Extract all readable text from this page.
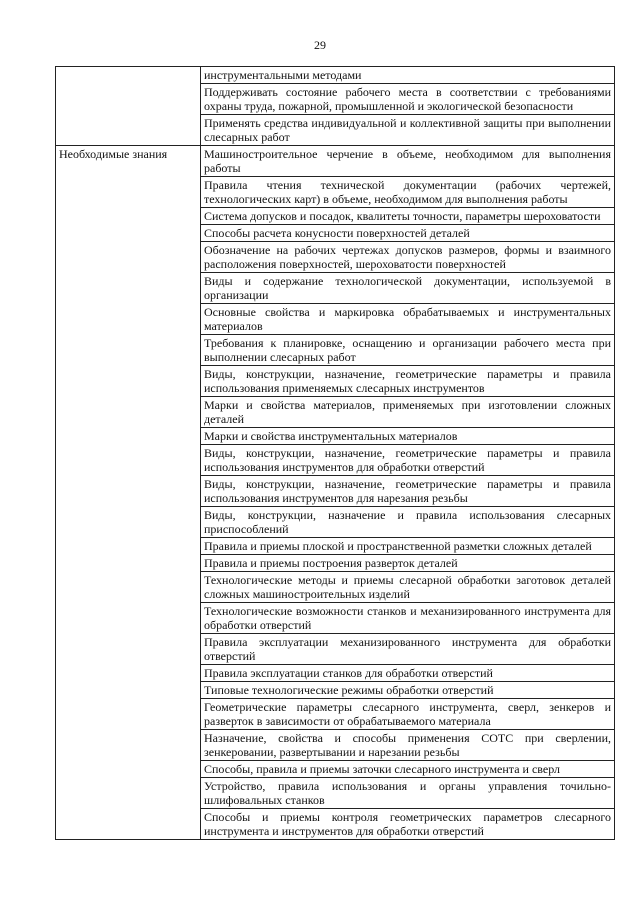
29
	инструментальными методами
	Поддерживать состояние рабочего места в соответствии с требованиями охраны труда, пожарной, промышленной и экологической безопасности
	Применять средства индивидуальной и коллективной защиты при выполнении слесарных работ
Необходимые знания	Машиностроительное черчение в объеме, необходимом для выполнения работы
	Правила чтения технической документации (рабочих чертежей, технологических карт) в объеме, необходимом для выполнения работы
	Система допусков и посадок, квалитеты точности, параметры шероховатости
	Способы расчета конусности поверхностей деталей
	Обозначение на рабочих чертежах допусков размеров, формы и взаимного расположения поверхностей, шероховатости поверхностей
	Виды и содержание технологической документации, используемой в организации
	Основные свойства и маркировка обрабатываемых и инструментальных материалов
	Требования к планировке, оснащению и организации рабочего места при выполнении слесарных работ
	Виды, конструкции, назначение, геометрические параметры и правила использования применяемых слесарных инструментов
	Марки и свойства материалов, применяемых при изготовлении сложных деталей
	Марки и свойства инструментальных материалов
	Виды, конструкции, назначение, геометрические параметры и правила использования инструментов для обработки отверстий
	Виды, конструкции, назначение, геометрические параметры и правила использования инструментов для нарезания резьбы
	Виды, конструкции, назначение и правила использования слесарных приспособлений
	Правила и приемы плоской и пространственной разметки сложных деталей
	Правила и приемы построения разверток деталей
	Технологические методы и приемы слесарной обработки заготовок деталей сложных машиностроительных изделий
	Технологические возможности станков и механизированного инструмента для обработки отверстий
	Правила эксплуатации механизированного инструмента для обработки отверстий
	Правила эксплуатации станков для обработки отверстий
	Типовые технологические режимы обработки отверстий
	Геометрические параметры слесарного инструмента, сверл, зенкеров и разверток в зависимости от обрабатываемого материала
	Назначение, свойства и способы применения СОТС при сверлении, зенкеровании, развертывании и нарезании резьбы
	Способы, правила и приемы заточки слесарного инструмента и сверл
	Устройство, правила использования и органы управления точильно-шлифовальных станков
	Способы и приемы контроля геометрических параметров слесарного инструмента и инструментов для обработки отверстий
